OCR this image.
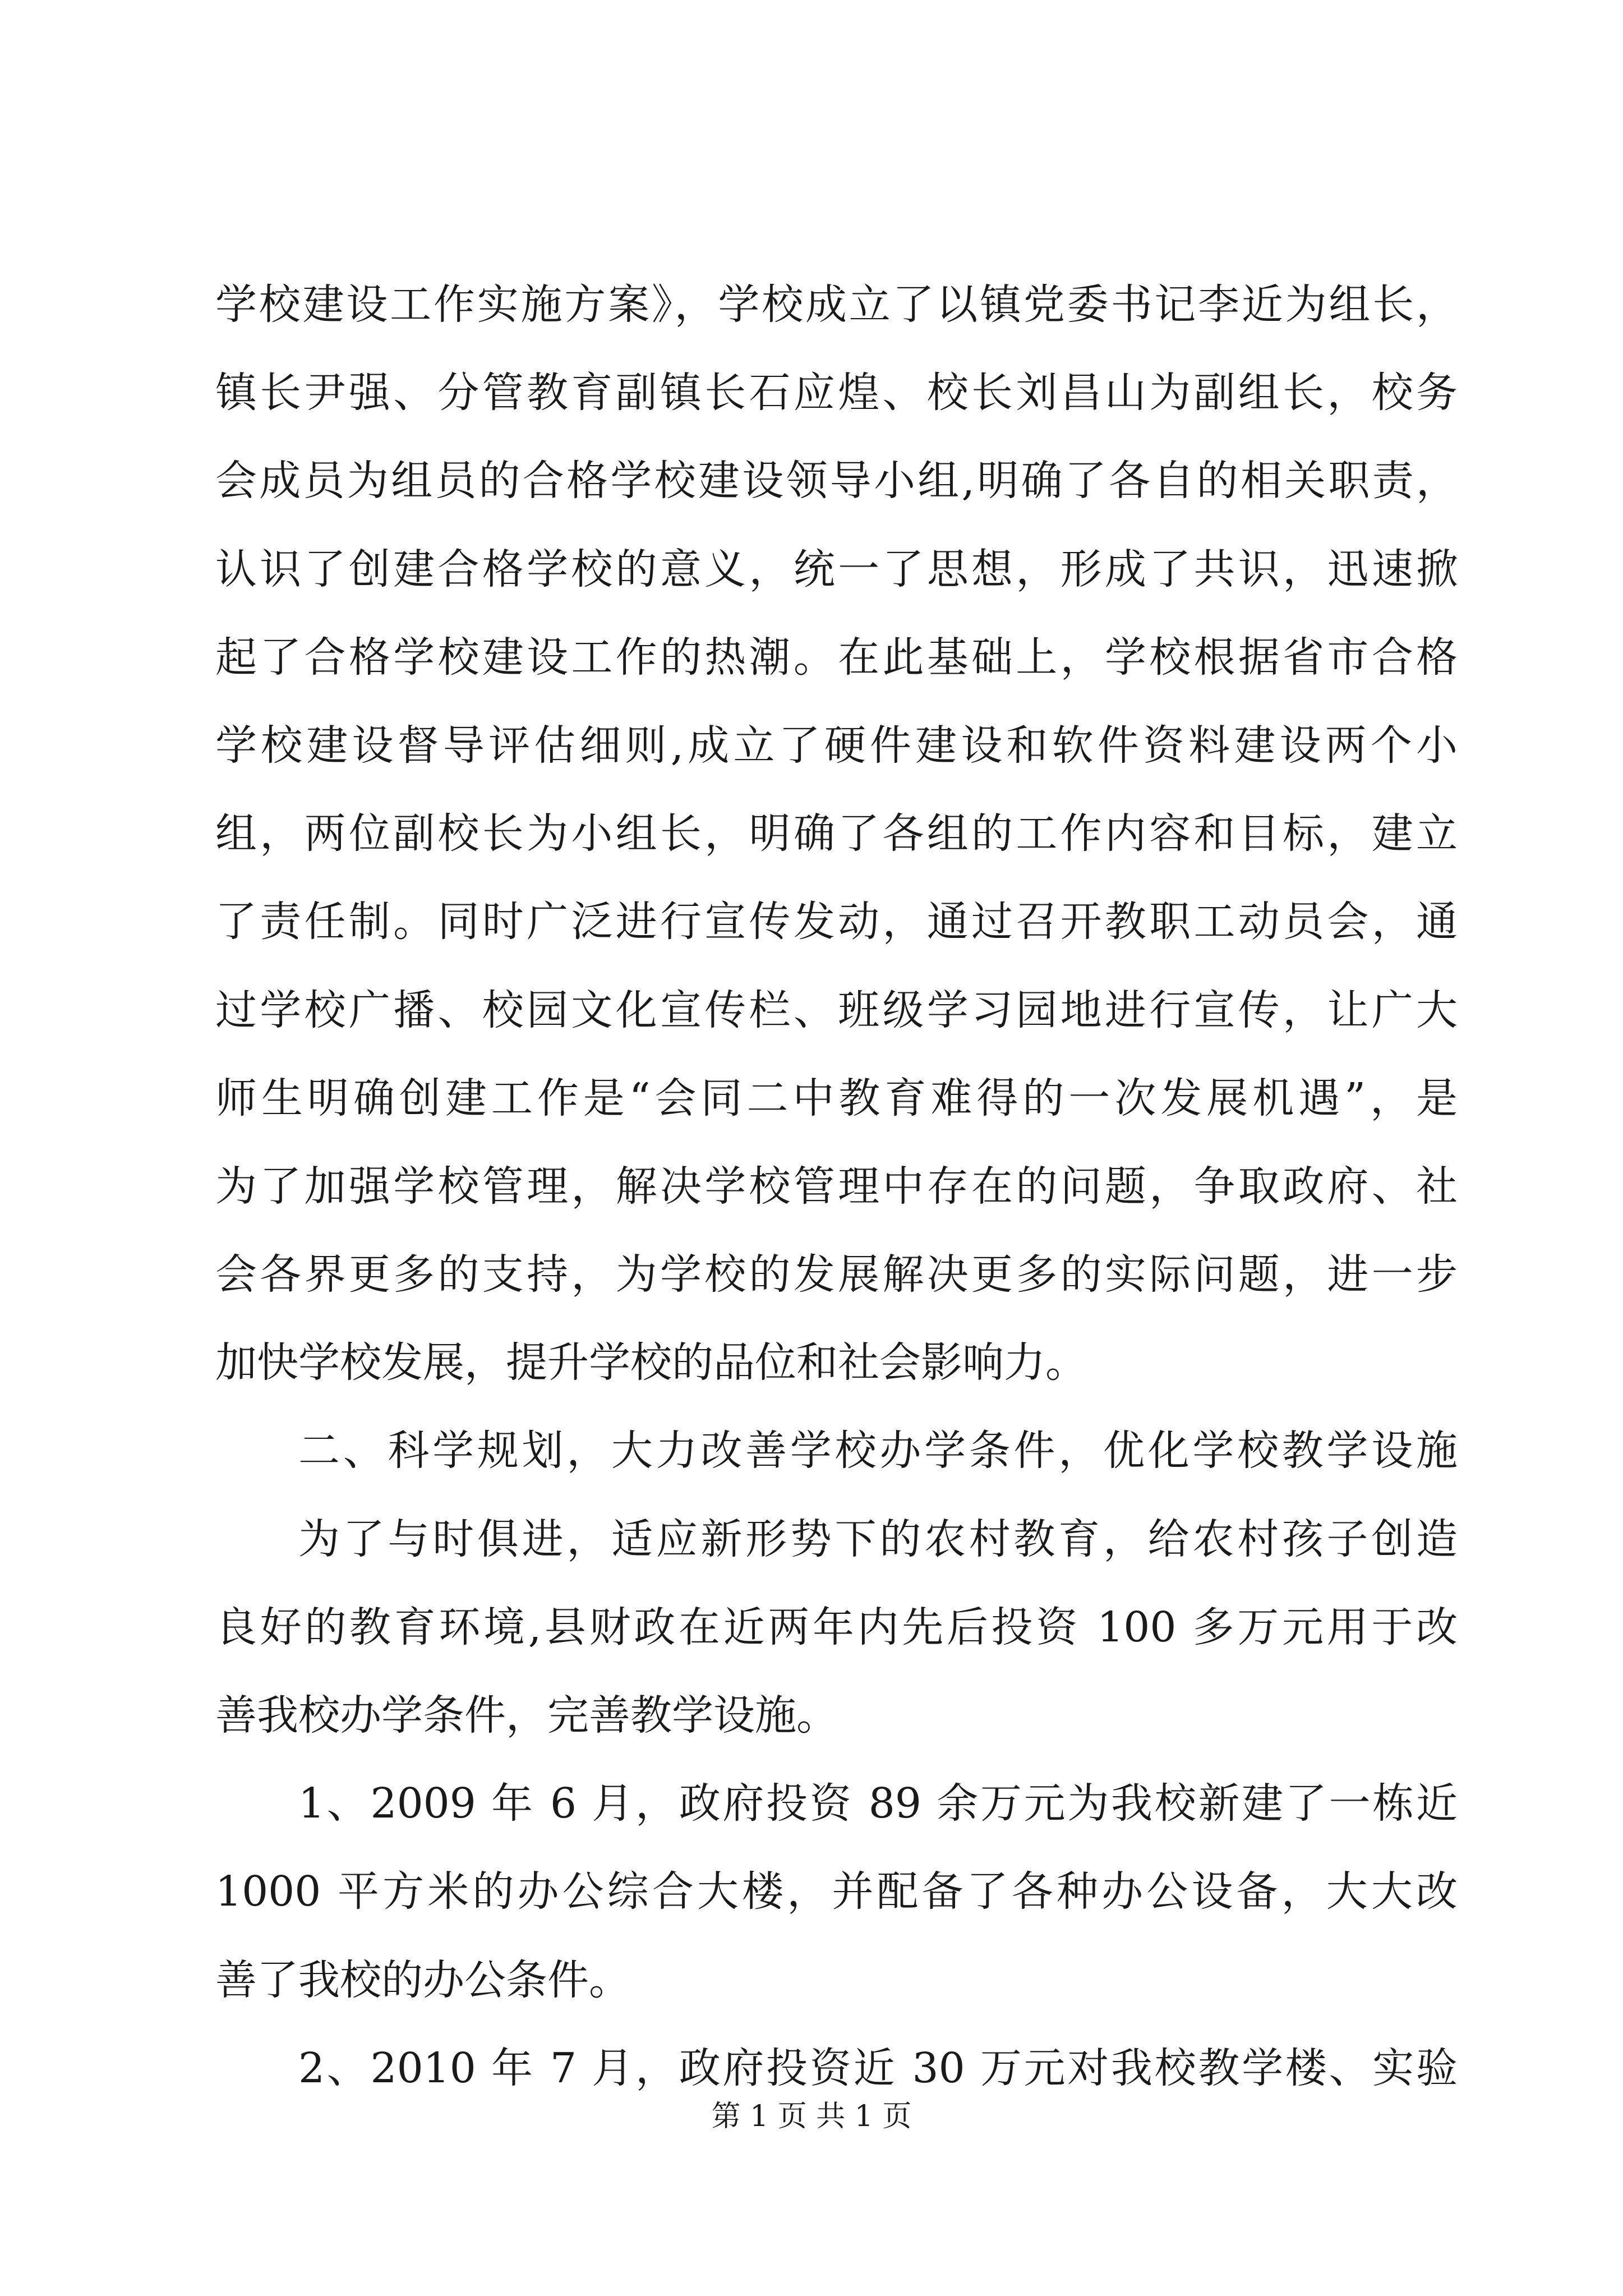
学校建设工作实施方案》，学校成立了以镇党委书记李近为组长，
镇长尹强、分管教育副镇长石应煌、校长刘昌山为副组长，校务
会成员为组员的合格学校建设领导小组,明确了各自的相关职责，
认识了创建合格学校的意义，统一了思想，形成了共识，迅速掀
起了合格学校建设工作的热潮。在此基础上，学校根据省市合格
学校建设督导评估细则,成立了硬件建设和软件资料建设两个小
组，两位副校长为小组长，明确了各组的工作内容和目标，建立
了责任制。同时广泛进行宣传发动，通过召开教职工动员会，通
过学校广播、校园文化宣传栏、班级学习园地进行宣传，让广大
师生明确创建工作是“会同二中教育难得的一次发展机遇”，是
为了加强学校管理，解决学校管理中存在的问题，争取政府、社
会各界更多的支持，为学校的发展解决更多的实际问题，进一步
加快学校发展，提升学校的品位和社会影响力。
二、科学规划，大力改善学校办学条件，优化学校教学设施
为了与时俱进，适应新形势下的农村教育，给农村孩子创造
良好的教育环境,县财政在近两年内先后投资 100 多万元用于改
善我校办学条件，完善教学设施。
1、2009 年 6 月，政府投资 89 余万元为我校新建了一栋近
1000 平方米的办公综合大楼，并配备了各种办公设备，大大改
善了我校的办公条件。
2、2010 年 7 月，政府投资近 30 万元对我校教学楼、实验
第 1 页 共 1 页
